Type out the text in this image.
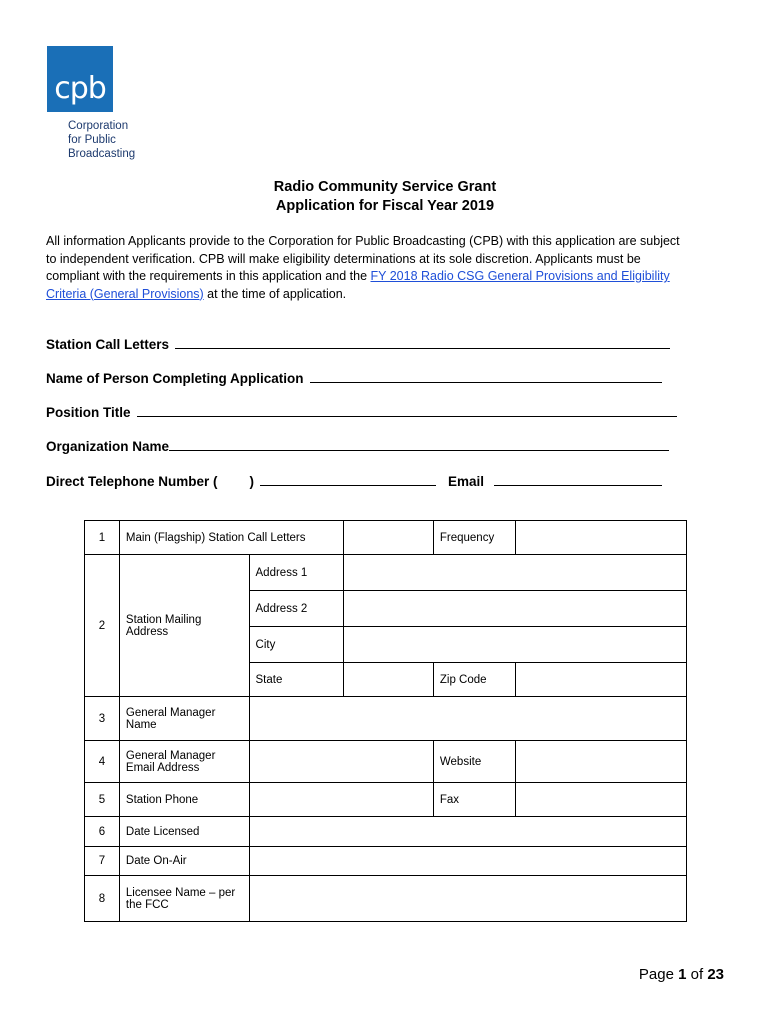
cpb
Corporation
for Public
Broadcasting
Radio Community Service Grant
Application for Fiscal Year 2019
All information Applicants provide to the Corporation for Public Broadcasting (CPB) with this application are subject to independent verification. CPB will make eligibility determinations at its sole discretion. Applicants must be compliant with the requirements in this application and the FY 2018 Radio CSG General Provisions and Eligibility Criteria (General Provisions) at the time of application.
Station Call Letters
Name of Person Completing Application
Position Title
Organization Name
Direct Telephone Number ( )	Email
1	Main (Flagship) Station Call Letters			Frequency	
2	Station Mailing Address	Address 1			
		Address 2			
		City			
		State		Zip Code	
3	General Manager Name				
4	General Manager Email Address			Website	
5	Station Phone			Fax	
6	Date Licensed				
7	Date On-Air				
8	Licensee Name – per the FCC				
Page 1 of 23
